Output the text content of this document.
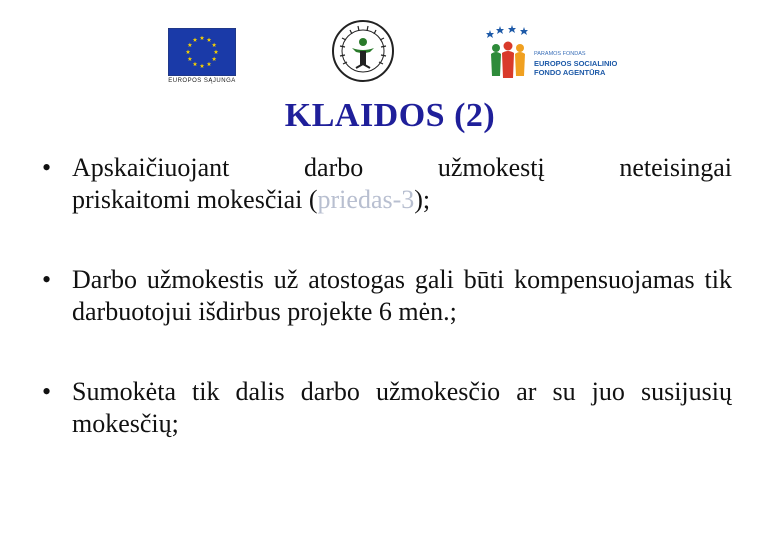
EUROPOS SĄJUNGA
PARAMOS FONDAS
EUROPOS SOCIALINIO
FONDO AGENTŪRA
KLAIDOS (2)
• Apskaičiuojant	darbo	užmokestį	neteisingai
priskaitomi mokesčiai (priedas-3);
• Darbo užmokestis už atostogas gali būti kompensuojamas tik darbuotojui išdirbus projekte 6 mėn.;
• Sumokėta tik dalis darbo užmokesčio ar su juo susijusių mokesčių;
